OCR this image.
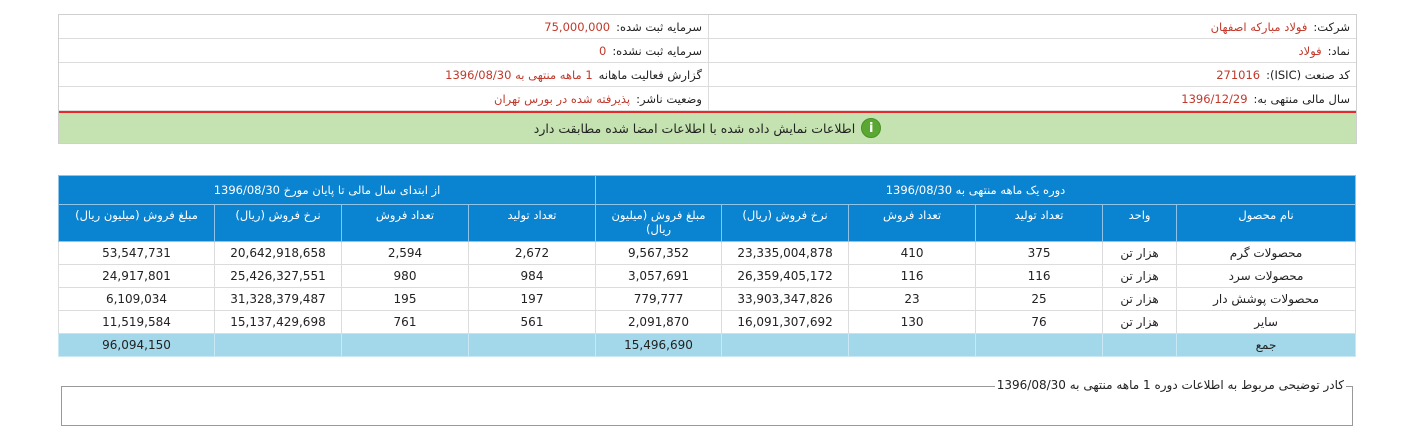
شرکت:
فولاد مبارکه اصفهان
سرمایه ثبت شده:
75,000,000
نماد:
فولاد
سرمایه ثبت نشده:
0
کد صنعت (ISIC):
271016
گزارش فعالیت ماهانه
1 ماهه منتهی به 1396/08/30
سال مالی منتهی به:
1396/12/29
وضعیت ناشر:
پذیرفته شده در بورس تهران
i
اطلاعات نمایش داده شده با اطلاعات امضا شده مطابقت دارد
دوره یک ماهه منتهی به 1396/08/30						از ابتدای سال مالی تا پایان مورخ 1396/08/30			
نام محصول	واحد	تعداد تولید	تعداد فروش	نرخ فروش (ریال)	مبلغ فروش (میلیون ریال)	تعداد تولید	تعداد فروش	نرخ فروش (ریال)	مبلغ فروش (میلیون ریال)
محصولات گرم	هزار تن	375	410	23,335,004,878	9,567,352	2,672	2,594	20,642,918,658	53,547,731
محصولات سرد	هزار تن	116	116	26,359,405,172	3,057,691	984	980	25,426,327,551	24,917,801
محصولات پوشش دار	هزار تن	25	23	33,903,347,826	779,777	197	195	31,328,379,487	6,109,034
سایر	هزار تن	76	130	16,091,307,692	2,091,870	561	761	15,137,429,698	11,519,584
جمع					15,496,690				96,094,150
کادر توضیحی مربوط به اطلاعات دوره 1 ماهه منتهی به 1396/08/30
